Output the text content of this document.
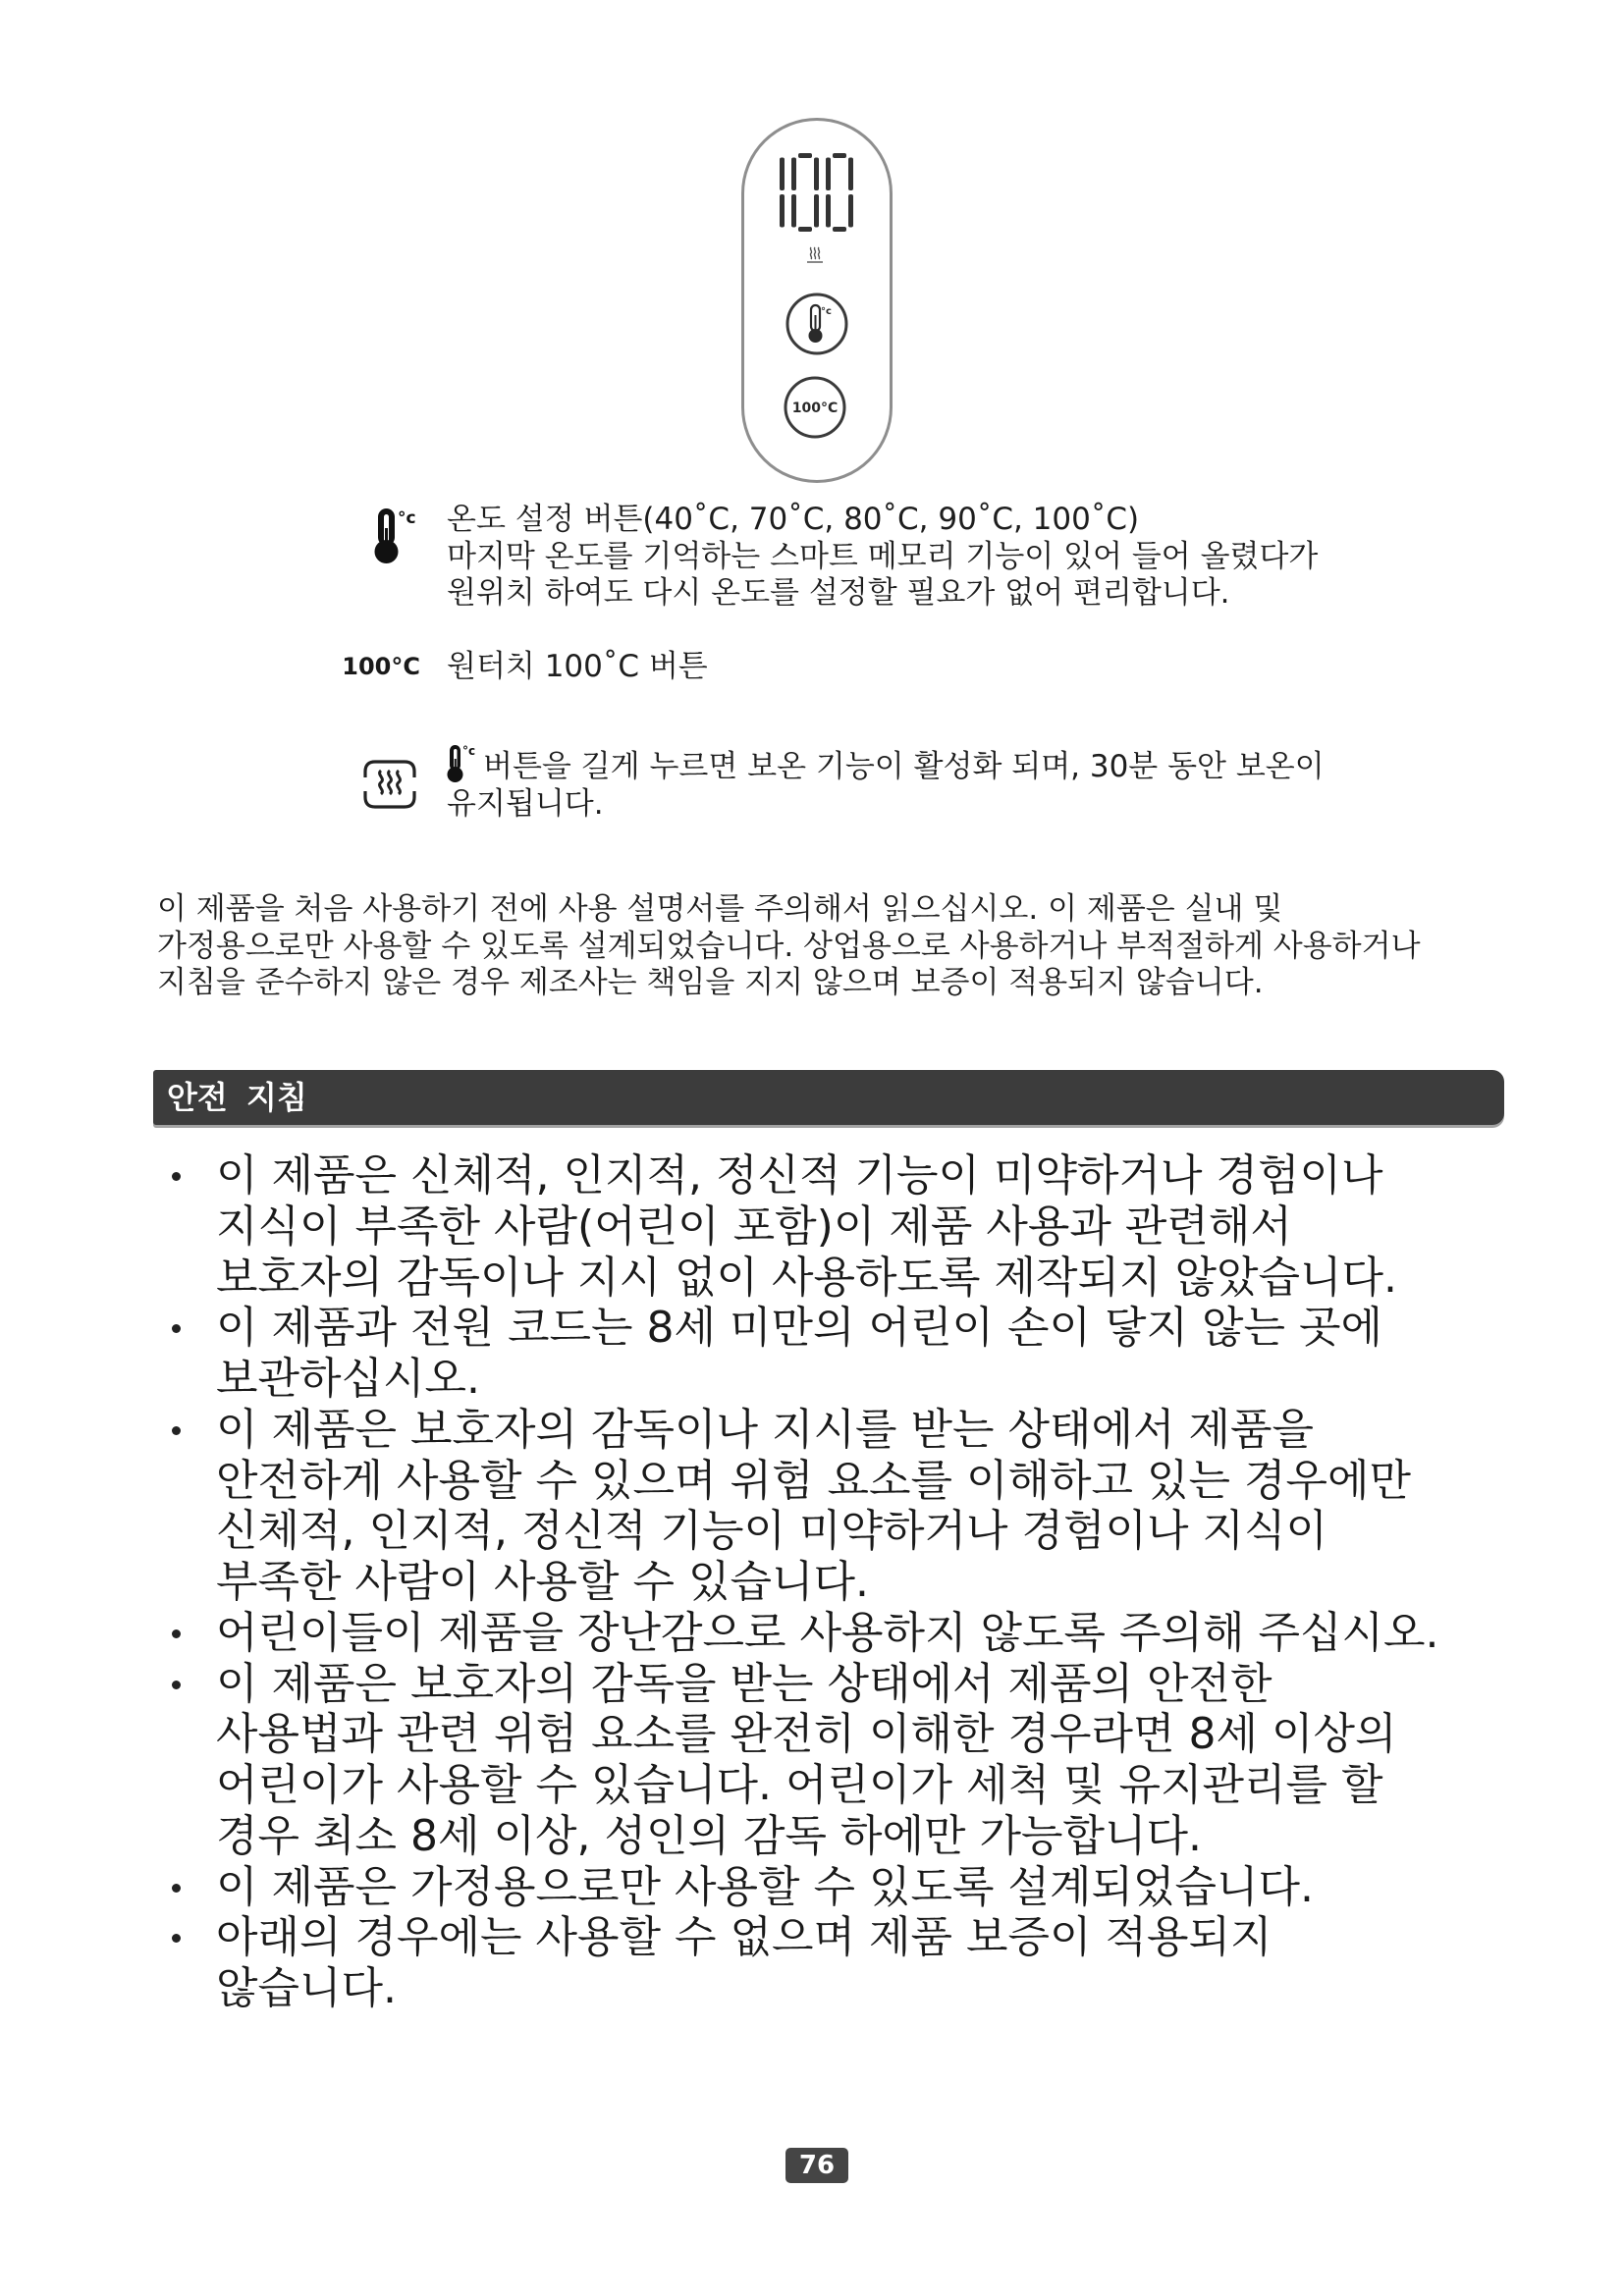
°c
100°C
°c 온도 설정 버튼(40˚C, 70˚C, 80˚C, 90˚C, 100˚C)
마지막 온도를 기억하는 스마트 메모리 기능이 있어 들어 올렸다가
원위치 하여도 다시 온도를 설정할 필요가 없어 편리합니다.
100°C 원터치 100˚C 버튼
°c 버튼을 길게 누르면 보온 기능이 활성화 되며, 30분 동안 보온이
유지됩니다.
이 제품을 처음 사용하기 전에 사용 설명서를 주의해서 읽으십시오. 이 제품은 실내 및
가정용으로만 사용할 수 있도록 설계되었습니다. 상업용으로 사용하거나 부적절하게 사용하거나
지침을 준수하지 않은 경우 제조사는 책임을 지지 않으며 보증이 적용되지 않습니다.
안전 지침
이 제품은 신체적, 인지적, 정신적 기능이 미약하거나 경험이나
지식이 부족한 사람(어린이 포함)이 제품 사용과 관련해서
보호자의 감독이나 지시 없이 사용하도록 제작되지 않았습니다.
이 제품과 전원 코드는 8세 미만의 어린이 손이 닿지 않는 곳에
보관하십시오.
이 제품은 보호자의 감독이나 지시를 받는 상태에서 제품을
안전하게 사용할 수 있으며 위험 요소를 이해하고 있는 경우에만
신체적, 인지적, 정신적 기능이 미약하거나 경험이나 지식이
부족한 사람이 사용할 수 있습니다.
어린이들이 제품을 장난감으로 사용하지 않도록 주의해 주십시오.
이 제품은 보호자의 감독을 받는 상태에서 제품의 안전한
사용법과 관련 위험 요소를 완전히 이해한 경우라면 8세 이상의
어린이가 사용할 수 있습니다. 어린이가 세척 및 유지관리를 할
경우 최소 8세 이상, 성인의 감독 하에만 가능합니다.
이 제품은 가정용으로만 사용할 수 있도록 설계되었습니다.
아래의 경우에는 사용할 수 없으며 제품 보증이 적용되지
않습니다.
76
